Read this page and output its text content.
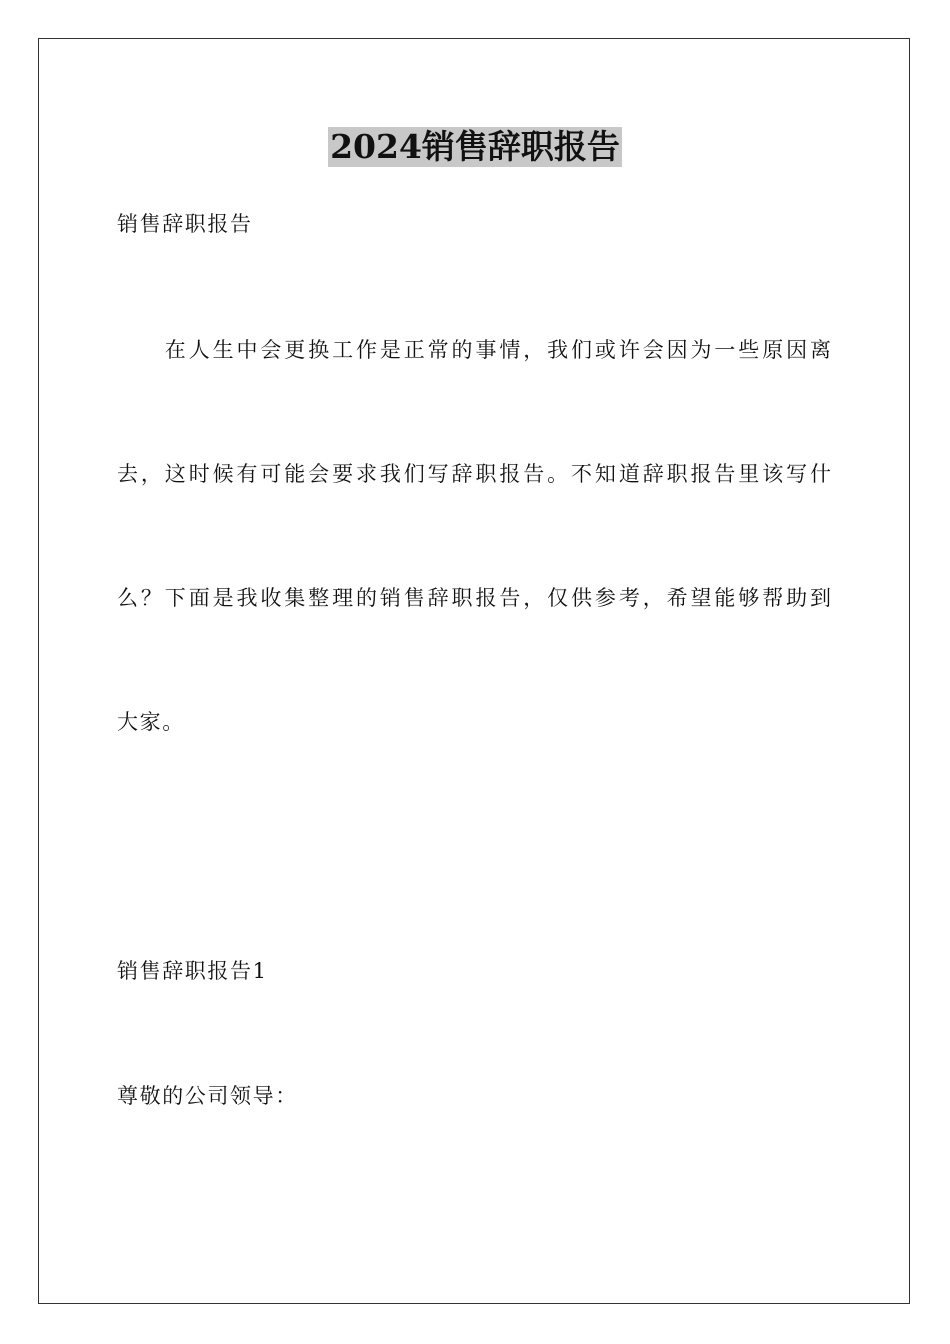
2024销售辞职报告
销售辞职报告
　　在人生中会更换工作是正常的事情，我们或许会因为一些原因离
去，这时候有可能会要求我们写辞职报告。不知道辞职报告里该写什
么？下面是我收集整理的销售辞职报告，仅供参考，希望能够帮助到
大家。
销售辞职报告1
尊敬的公司领导：
